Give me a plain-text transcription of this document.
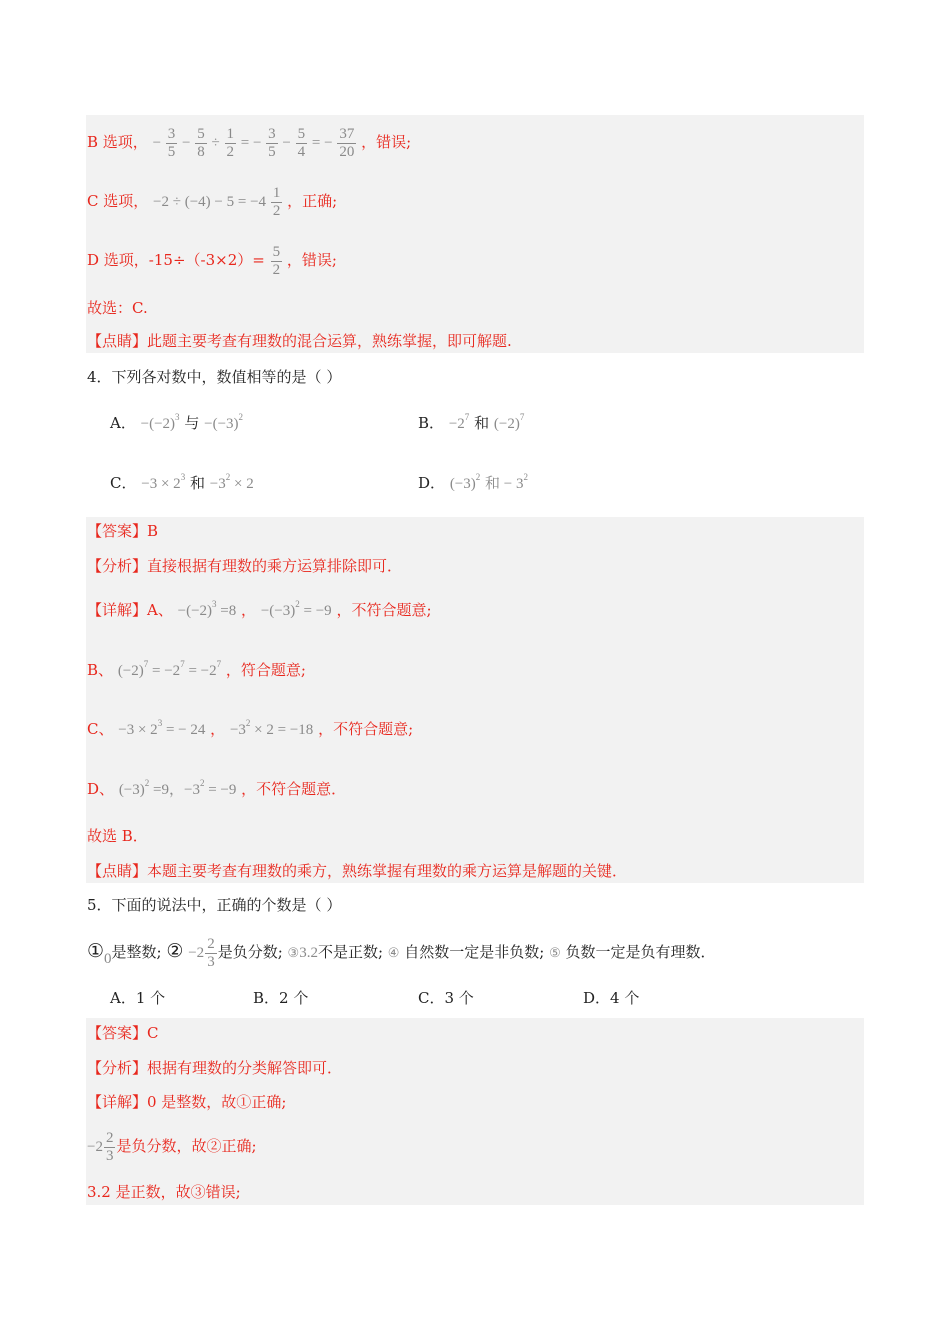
B 选项， − $\frac{3}{5} - \frac{5}{8} \div \frac{1}{2}$ = − $\frac{3}{5} - \frac{5}{4}$ = − $\frac{37}{20}$ ，错误;
C 选项， $-2 \div (-4) - 5 = -4 \frac{1}{2}$ ，正确;
D 选项，$-15\div(-3\times 2)= \frac{5}{2}$ ，错误;
故选：C.
【点睛】此题主要考查有理数的混合运算，熟练掌握，即可解题.
4．下列各对数中，数值相等的是（ ）
A． $-(-2)^3$ 与 $-(-3)^2$	B． $-2^7$ 和 $(-2)^7$
C． $-3 \times 2^3$ 和 $-3^2 \times 2$	D． $(-3)^2$ 和 − $3^2$
【答案】B
【分析】直接根据有理数的乘方运算排除即可．
【详解】A、 $-(-2)^3 =8$ ， $-(-3)^2 = -9$ ，不符合题意;
B、 $(-2)^7 = -2^7 = -2^7$ ，符合题意;
C、 $-3 \times 2^3$ = − 24 ， $-3^2 \times 2 = -18$ ，不符合题意;
D、 $(-3)^2 =9$，$-3^2 = -9$ ，不符合题意．
故选 B．
【点睛】本题主要考查有理数的乘方，熟练掌握有理数的乘方运算是解题的关键．
5．下面的说法中，正确的个数是（ ）
$①_0$是整数; ② $-2 \frac{2}{3}$ 是负分数; ③3.2不是正数; ④ 自然数一定是非负数; ⑤ 负数一定是负有理数．
A．1 个	B．2 个	C．3 个	D．4 个
【答案】C
【分析】根据有理数的分类解答即可．
【详解】0 是整数，故①正确;
$-2 \frac{2}{3}$ 是负分数，故②正确;
3.2 是正数，故③错误;
